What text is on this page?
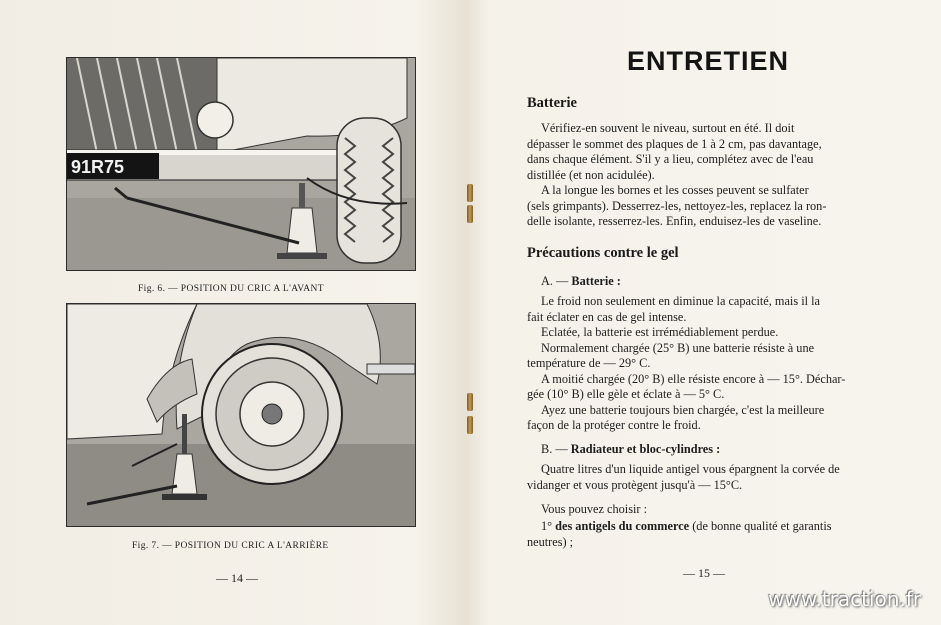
91R75
Fig. 6. — POSITION DU CRIC A L'AVANT
Fig. 7. — POSITION DU CRIC A L'ARRIÈRE
— 14 —
ENTRETIEN
Batterie

Vérifiez-en souvent le niveau, surtout en été. Il doit

dépasser le sommet des plaques de 1 à 2 cm, pas davantage,

dans chaque élément. S'il y a lieu, complétez avec de l'eau

distillée (et non acidulée).

A la longue les bornes et les cosses peuvent se sulfater

(sels grimpants). Desserrez-les, nettoyez-les, replacez la ron-

delle isolante, resserrez-les. Enfin, enduisez-les de vaseline.

Précautions contre le gel
A. — Batterie :

Le froid non seulement en diminue la capacité, mais il la

fait éclater en cas de gel intense.

Eclatée, la batterie est irrémédiablement perdue.

Normalement chargée (25° B) une batterie résiste à une

température de — 29° C.

A moitié chargée (20° B) elle résiste encore à — 15°. Déchar-

gée (10° B) elle gèle et éclate à — 5° C.

Ayez une batterie toujours bien chargée, c'est la meilleure

façon de la protéger contre le froid.

B. — Radiateur et bloc-cylindres :

Quatre litres d'un liquide antigel vous épargnent la corvée de

vidanger et vous protègent jusqu'à — 15°C.

Vous pouvez choisir :

1° des antigels du commerce (de bonne qualité et garantis

neutres) ;

— 15 —
www.traction.fr
